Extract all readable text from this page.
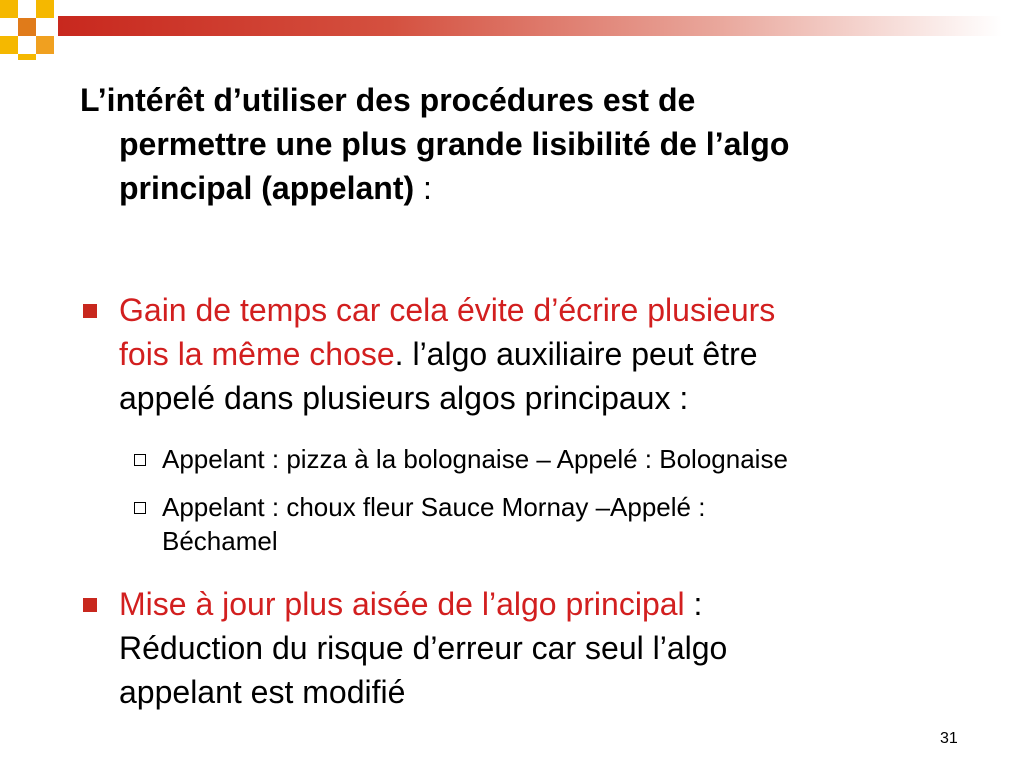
L’intérêt d’utiliser des procédures est de
permettre une plus grande lisibilité de l’algo
principal (appelant) :
Gain de temps car cela évite d’écrire plusieurs
fois la même chose. l’algo auxiliaire peut être
appelé dans plusieurs algos principaux :
Appelant : pizza à la bolognaise – Appelé : Bolognaise
Appelant : choux fleur Sauce Mornay –Appelé :
Béchamel
Mise à jour plus aisée de l’algo principal :
Réduction du risque d’erreur car seul l’algo
appelant est modifié
31
